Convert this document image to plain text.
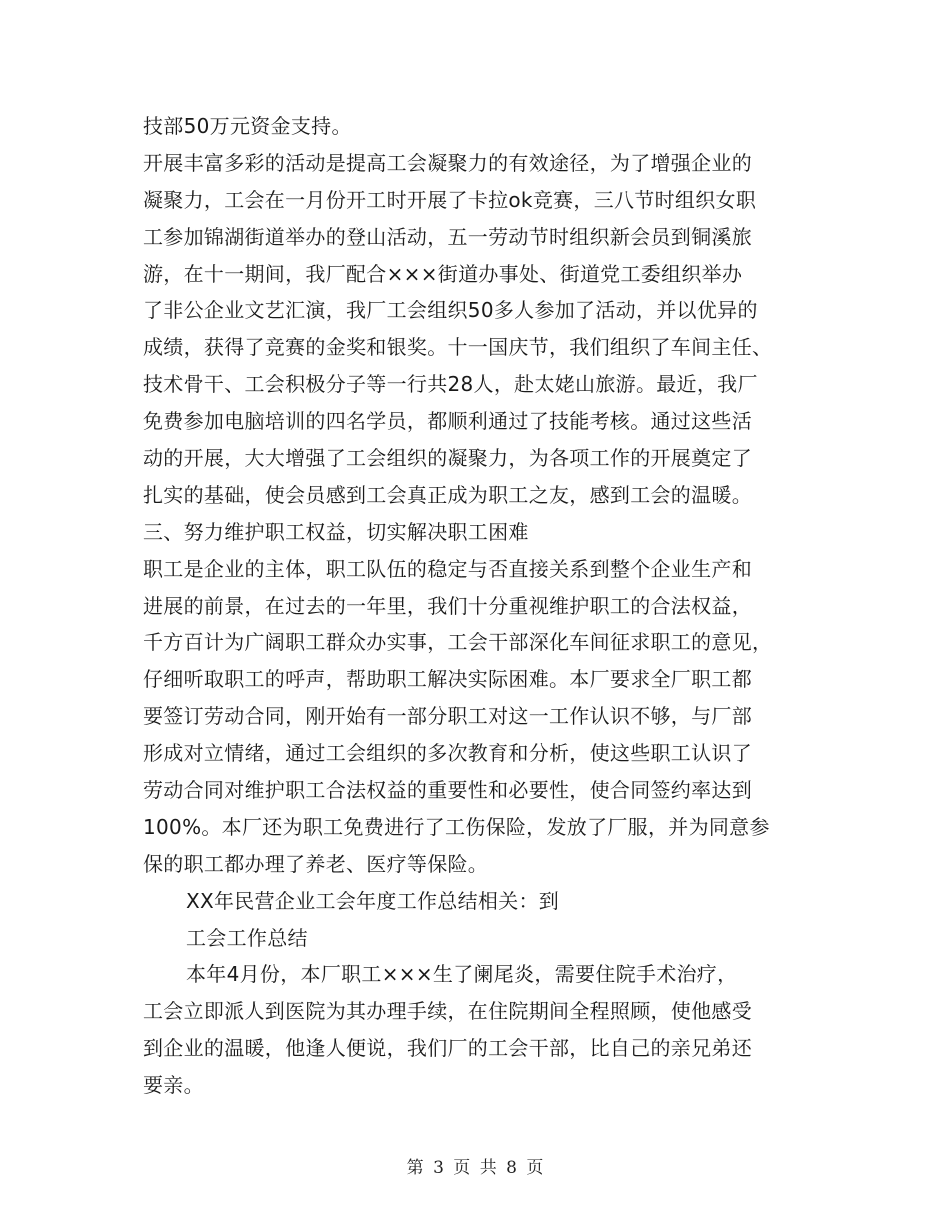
技部50万元资金支持。
开展丰富多彩的活动是提高工会凝聚力的有效途径，为了增强企业的
凝聚力，工会在一月份开工时开展了卡拉ok竞赛，三八节时组织女职
工参加锦湖街道举办的登山活动，五一劳动节时组织新会员到铜溪旅
游，在十一期间，我厂配合×××街道办事处、街道党工委组织举办
了非公企业文艺汇演，我厂工会组织50多人参加了活动，并以优异的
成绩，获得了竞赛的金奖和银奖。十一国庆节，我们组织了车间主任、
技术骨干、工会积极分子等一行共28人，赴太姥山旅游。最近，我厂
免费参加电脑培训的四名学员，都顺利通过了技能考核。通过这些活
动的开展，大大增强了工会组织的凝聚力，为各项工作的开展奠定了
扎实的基础，使会员感到工会真正成为职工之友，感到工会的温暖。
三、努力维护职工权益，切实解决职工困难
职工是企业的主体，职工队伍的稳定与否直接关系到整个企业生产和
进展的前景，在过去的一年里，我们十分重视维护职工的合法权益，
千方百计为广阔职工群众办实事，工会干部深化车间征求职工的意见，
仔细听取职工的呼声，帮助职工解决实际困难。本厂要求全厂职工都
要签订劳动合同，刚开始有一部分职工对这一工作认识不够，与厂部
形成对立情绪，通过工会组织的多次教育和分析，使这些职工认识了
劳动合同对维护职工合法权益的重要性和必要性，使合同签约率达到
100%。本厂还为职工免费进行了工伤保险，发放了厂服，并为同意参
保的职工都办理了养老、医疗等保险。
XX年民营企业工会年度工作总结相关：到
工会工作总结
本年4月份，本厂职工×××生了阑尾炎，需要住院手术治疗，
工会立即派人到医院为其办理手续，在住院期间全程照顾，使他感受
到企业的温暖，他逢人便说，我们厂的工会干部，比自己的亲兄弟还
要亲。
第 3 页 共 8 页
